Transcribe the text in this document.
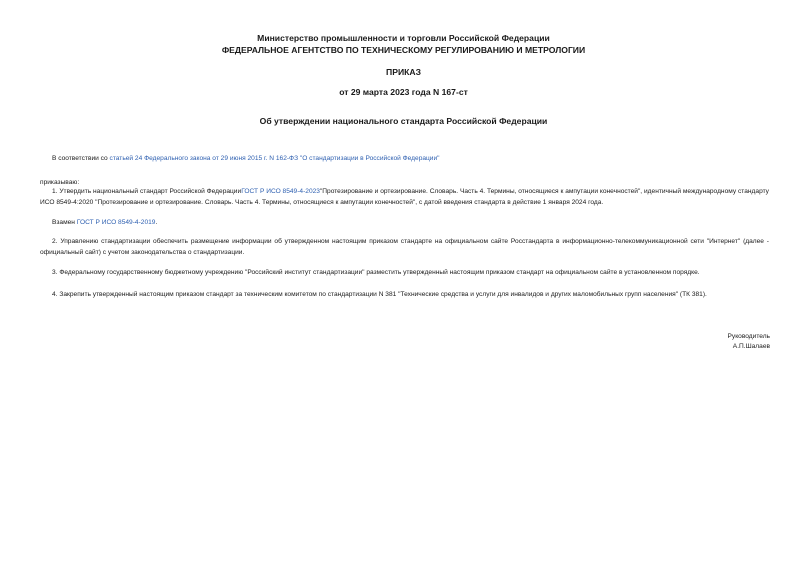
Министерство промышленности и торговли Российской Федерации
ФЕДЕРАЛЬНОЕ АГЕНТСТВО ПО ТЕХНИЧЕСКОМУ РЕГУЛИРОВАНИЮ И МЕТРОЛОГИИ
ПРИКАЗ
от 29 марта 2023 года N 167-ст
Об утверждении национального стандарта Российской Федерации
В соответствии со статьей 24 Федерального закона от 29 июня 2015 г. N 162-ФЗ "О стандартизации в Российской Федерации"
приказываю:
1. Утвердить национальный стандарт Российской ФедерацииГОСТ Р ИСО 8549-4-2023"Протезирование и ортезирование. Словарь. Часть 4. Термины, относящиеся к ампутации конечностей", идентичный международному стандарту ИСО 8549-4:2020 "Протезирование и ортезирование. Словарь. Часть 4. Термины, относящиеся к ампутации конечностей", с датой введения стандарта в действие 1 января 2024 года.
Взамен ГОСТ Р ИСО 8549-4-2019.
2. Управлению стандартизации обеспечить размещение информации об утвержденном настоящим приказом стандарте на официальном сайте Росстандарта в информационно-телекоммуникационной сети "Интернет" (далее - официальный сайт) с учетом законодательства о стандартизации.
3. Федеральному государственному бюджетному учреждению "Российский институт стандартизации" разместить утвержденный настоящим приказом стандарт на официальном сайте в установленном порядке.
4. Закрепить утвержденный настоящим приказом стандарт за техническим комитетом по стандартизации N 381 "Технические средства и услуги для инвалидов и других маломобильных групп населения" (ТК 381).
Руководитель
А.П.Шалаев
